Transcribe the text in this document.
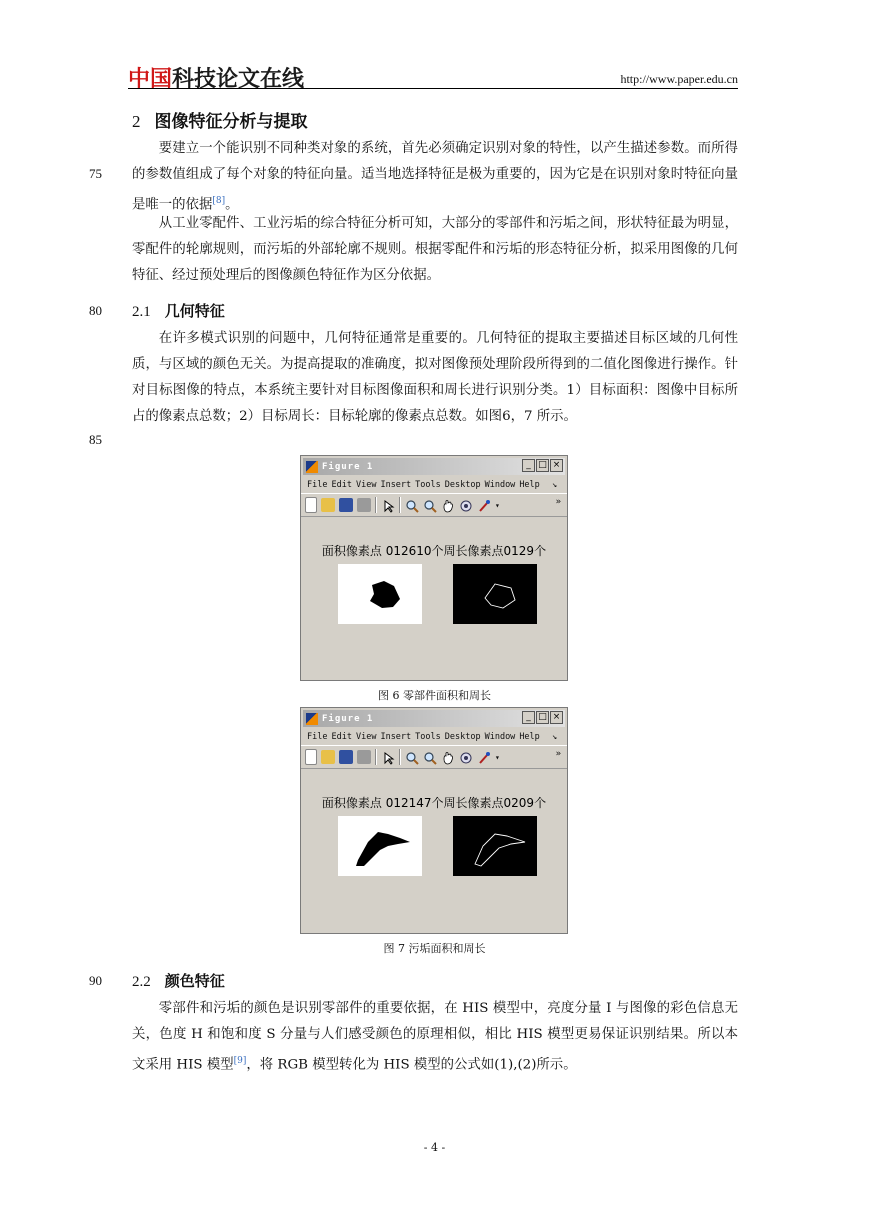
中国科技论文在线	http://www.paper.edu.cn
2 图像特征分析与提取
要建立一个能识别不同种类对象的系统，首先必须确定识别对象的特性，以产生描述参数。而所得的参数值组成了每个对象的特征向量。适当地选择特征是极为重要的，因为它是在识别对象时特征向量是唯一的依据[8]。
75
从工业零配件、工业污垢的综合特征分析可知，大部分的零部件和污垢之间，形状特征最为明显，零配件的轮廓规则，而污垢的外部轮廓不规则。根据零配件和污垢的形态特征分析，拟采用图像的几何特征、经过预处理后的图像颜色特征作为区分依据。
80 2.1 几何特征
在许多模式识别的问题中，几何特征通常是重要的。几何特征的提取主要描述目标区域的几何性质，与区域的颜色无关。为提高提取的准确度，拟对图像预处理阶段所得到的二值化图像进行操作。针对目标图像的特点，本系统主要针对目标图像面积和周长进行识别分类。1）目标面积：图像中目标所占的像素点总数；2）目标周长：目标轮廓的像素点总数。如图6，7 所示。
85
Figure 1	_ □ ×
File Edit View Insert Tools Desktop Window Help ↘
▾	»
面积像素点 012610个周长像素点0129个
图 6 零部件面积和周长
Figure 1	_ □ ×
File Edit View Insert Tools Desktop Window Help ↘
▾	»
面积像素点 012147个周长像素点0209个
图 7 污垢面积和周长
90 2.2 颜色特征
零部件和污垢的颜色是识别零部件的重要依据，在 HIS 模型中，亮度分量 I 与图像的彩色信息无关，色度 H 和饱和度 S 分量与人们感受颜色的原理相似，相比 HIS 模型更易保证识别结果。所以本文采用 HIS 模型[9]，将 RGB 模型转化为 HIS 模型的公式如(1),(2)所示。
- 4 -
